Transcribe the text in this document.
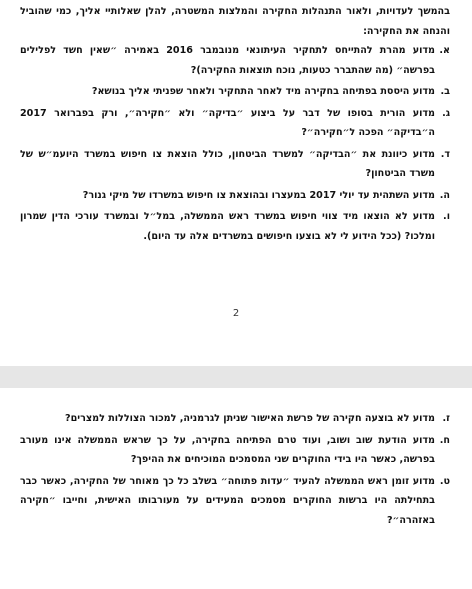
בהמשך לעדויות, ולאור התנהלות החקירה והמלצות המשטרה, להלן שאלותיי אליך, כמי שהוביל והנחה את החקירה:

א.
מדוע מהרת להתייחס לתחקיר העיתונאי מנובמבר 2016 באמירה ״שאין חשד לפלילים בפרשה״ (מה שהתברר כטעות, נוכח תוצאות החקירה)?
ב.
מדוע היססת בפתיחה בחקירה מיד לאחר התחקיר ולאחר שפניתי אליך בנושא?
ג.
מדוע הורית בסופו של דבר על ביצוע ״בדיקה״ ולא ״חקירה״, ורק בפברואר 2017 ה״בדיקה״ הפכה ל״חקירה״?
ד.
מדוע כיוונת את ״הבדיקה״ למשרד הביטחון, כולל הוצאת צו חיפוש במשרד היועמ״ש של משרד הביטחון?
ה.
מדוע השתהית עד יולי 2017 במעצרו ובהוצאת צו חיפוש במשרדו של מיקי גנור?
ו.
מדוע לא הוצאו מיד צווי חיפוש במשרד ראש הממשלה, במל״ל ובמשרד עורכי הדין שמרון ומלכו? (ככל הידוע לי לא בוצעו חיפושים במשרדים אלה עד היום).
2
ז.
מדוע לא בוצעה חקירה של פרשת האישור שניתן לגרמניה, למכור הצוללות למצרים?
ח.
מדוע הודעת שוב ושוב, ועוד טרם הפתיחה בחקירה, על כך שראש הממשלה אינו מעורב בפרשה, כאשר היו בידי החוקרים שני המסמכים המוכיחים את ההיפך?
ט.
מדוע זומן ראש הממשלה להעיד ״עדות פתוחה״ בשלב כל כך מאוחר של החקירה, כאשר כבר בתחילתה היו ברשות החוקרים מסמכים המעידים על מעורבותו האישית, וחייבו ״חקירה באזהרה״?
